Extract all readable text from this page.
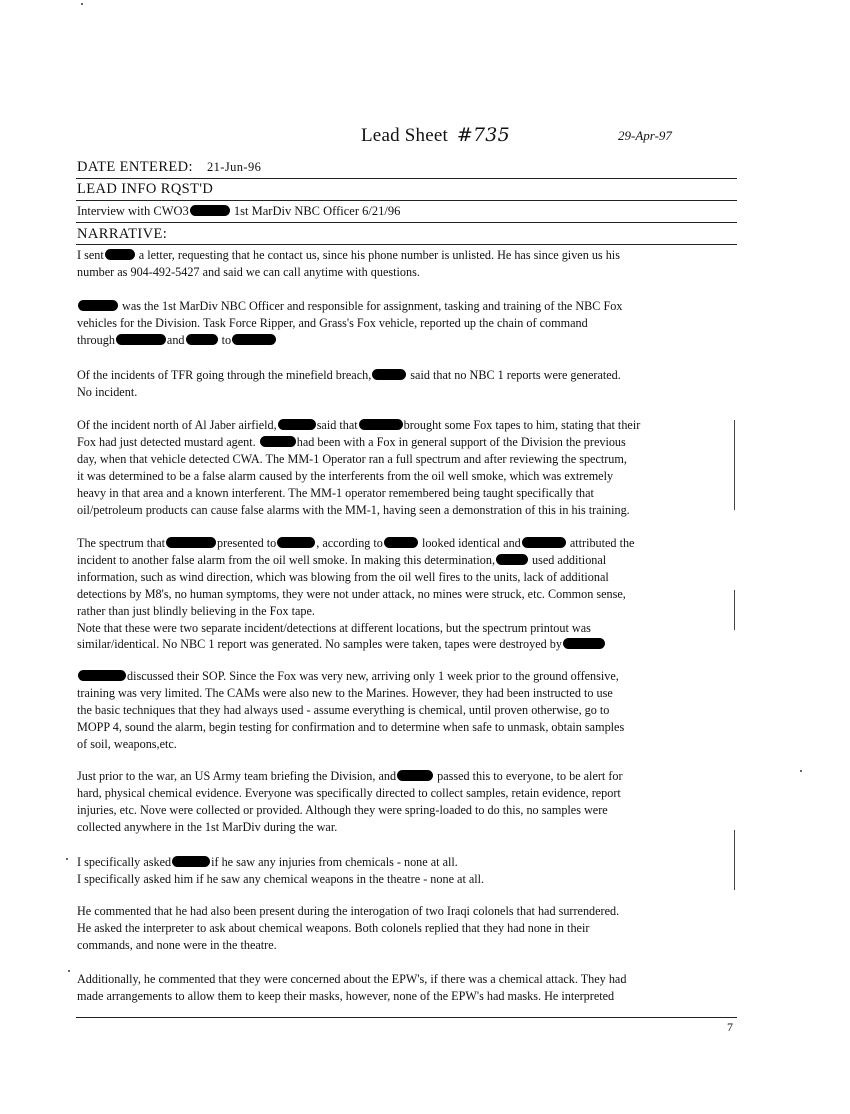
Lead Sheet #735	29-Apr-97
DATE ENTERED: 21-Jun-96
LEAD INFO RQST'D
Interview with CWO3	1st MarDiv NBC Officer 6/21/96
NARRATIVE:
I sent	a letter, requesting that he contact us, since his phone number is unlisted. He has since given us his
number as 904-492-5427 and said we can call anytime with questions.
was the 1st MarDiv NBC Officer and responsible for assignment, tasking and training of the NBC Fox
vehicles for the Division. Task Force Ripper, and Grass's Fox vehicle, reported up the chain of command
through	and	to
Of the incidents of TFR going through the minefield breach,	said that no NBC 1 reports were generated.
No incident.
Of the incident north of Al Jaber airfield,	said that	brought some Fox tapes to him, stating that their
Fox had just detected mustard agent.	had been with a Fox in general support of the Division the previous
day, when that vehicle detected CWA. The MM-1 Operator ran a full spectrum and after reviewing the spectrum,
it was determined to be a false alarm caused by the interferents from the oil well smoke, which was extremely
heavy in that area and a known interferent. The MM-1 operator remembered being taught specifically that
oil/petroleum products can cause false alarms with the MM-1, having seen a demonstration of this in his training.
The spectrum that	presented to	, according to	looked identical and	attributed the
incident to another false alarm from the oil well smoke. In making this determination,	used additional
information, such as wind direction, which was blowing from the oil well fires to the units, lack of additional
detections by M8's, no human symptoms, they were not under attack, no mines were struck, etc. Common sense,
rather than just blindly believing in the Fox tape.
Note that these were two separate incident/detections at different locations, but the spectrum printout was
similar/identical. No NBC 1 report was generated. No samples were taken, tapes were destroyed by
discussed their SOP. Since the Fox was very new, arriving only 1 week prior to the ground offensive,
training was very limited. The CAMs were also new to the Marines. However, they had been instructed to use
the basic techniques that they had always used - assume everything is chemical, until proven otherwise, go to
MOPP 4, sound the alarm, begin testing for confirmation and to determine when safe to unmask, obtain samples
of soil, weapons,etc.
Just prior to the war, an US Army team briefing the Division, and	passed this to everyone, to be alert for
hard, physical chemical evidence. Everyone was specifically directed to collect samples, retain evidence, report
injuries, etc. Nove were collected or provided. Although they were spring-loaded to do this, no samples were
collected anywhere in the 1st MarDiv during the war.
I specifically asked	if he saw any injuries from chemicals - none at all.
I specifically asked him if he saw any chemical weapons in the theatre - none at all.
He commented that he had also been present during the interogation of two Iraqi colonels that had surrendered.
He asked the interpreter to ask about chemical weapons. Both colonels replied that they had none in their
commands, and none were in the theatre.
Additionally, he commented that they were concerned about the EPW's, if there was a chemical attack. They had
made arrangements to allow them to keep their masks, however, none of the EPW's had masks. He interpreted
7
